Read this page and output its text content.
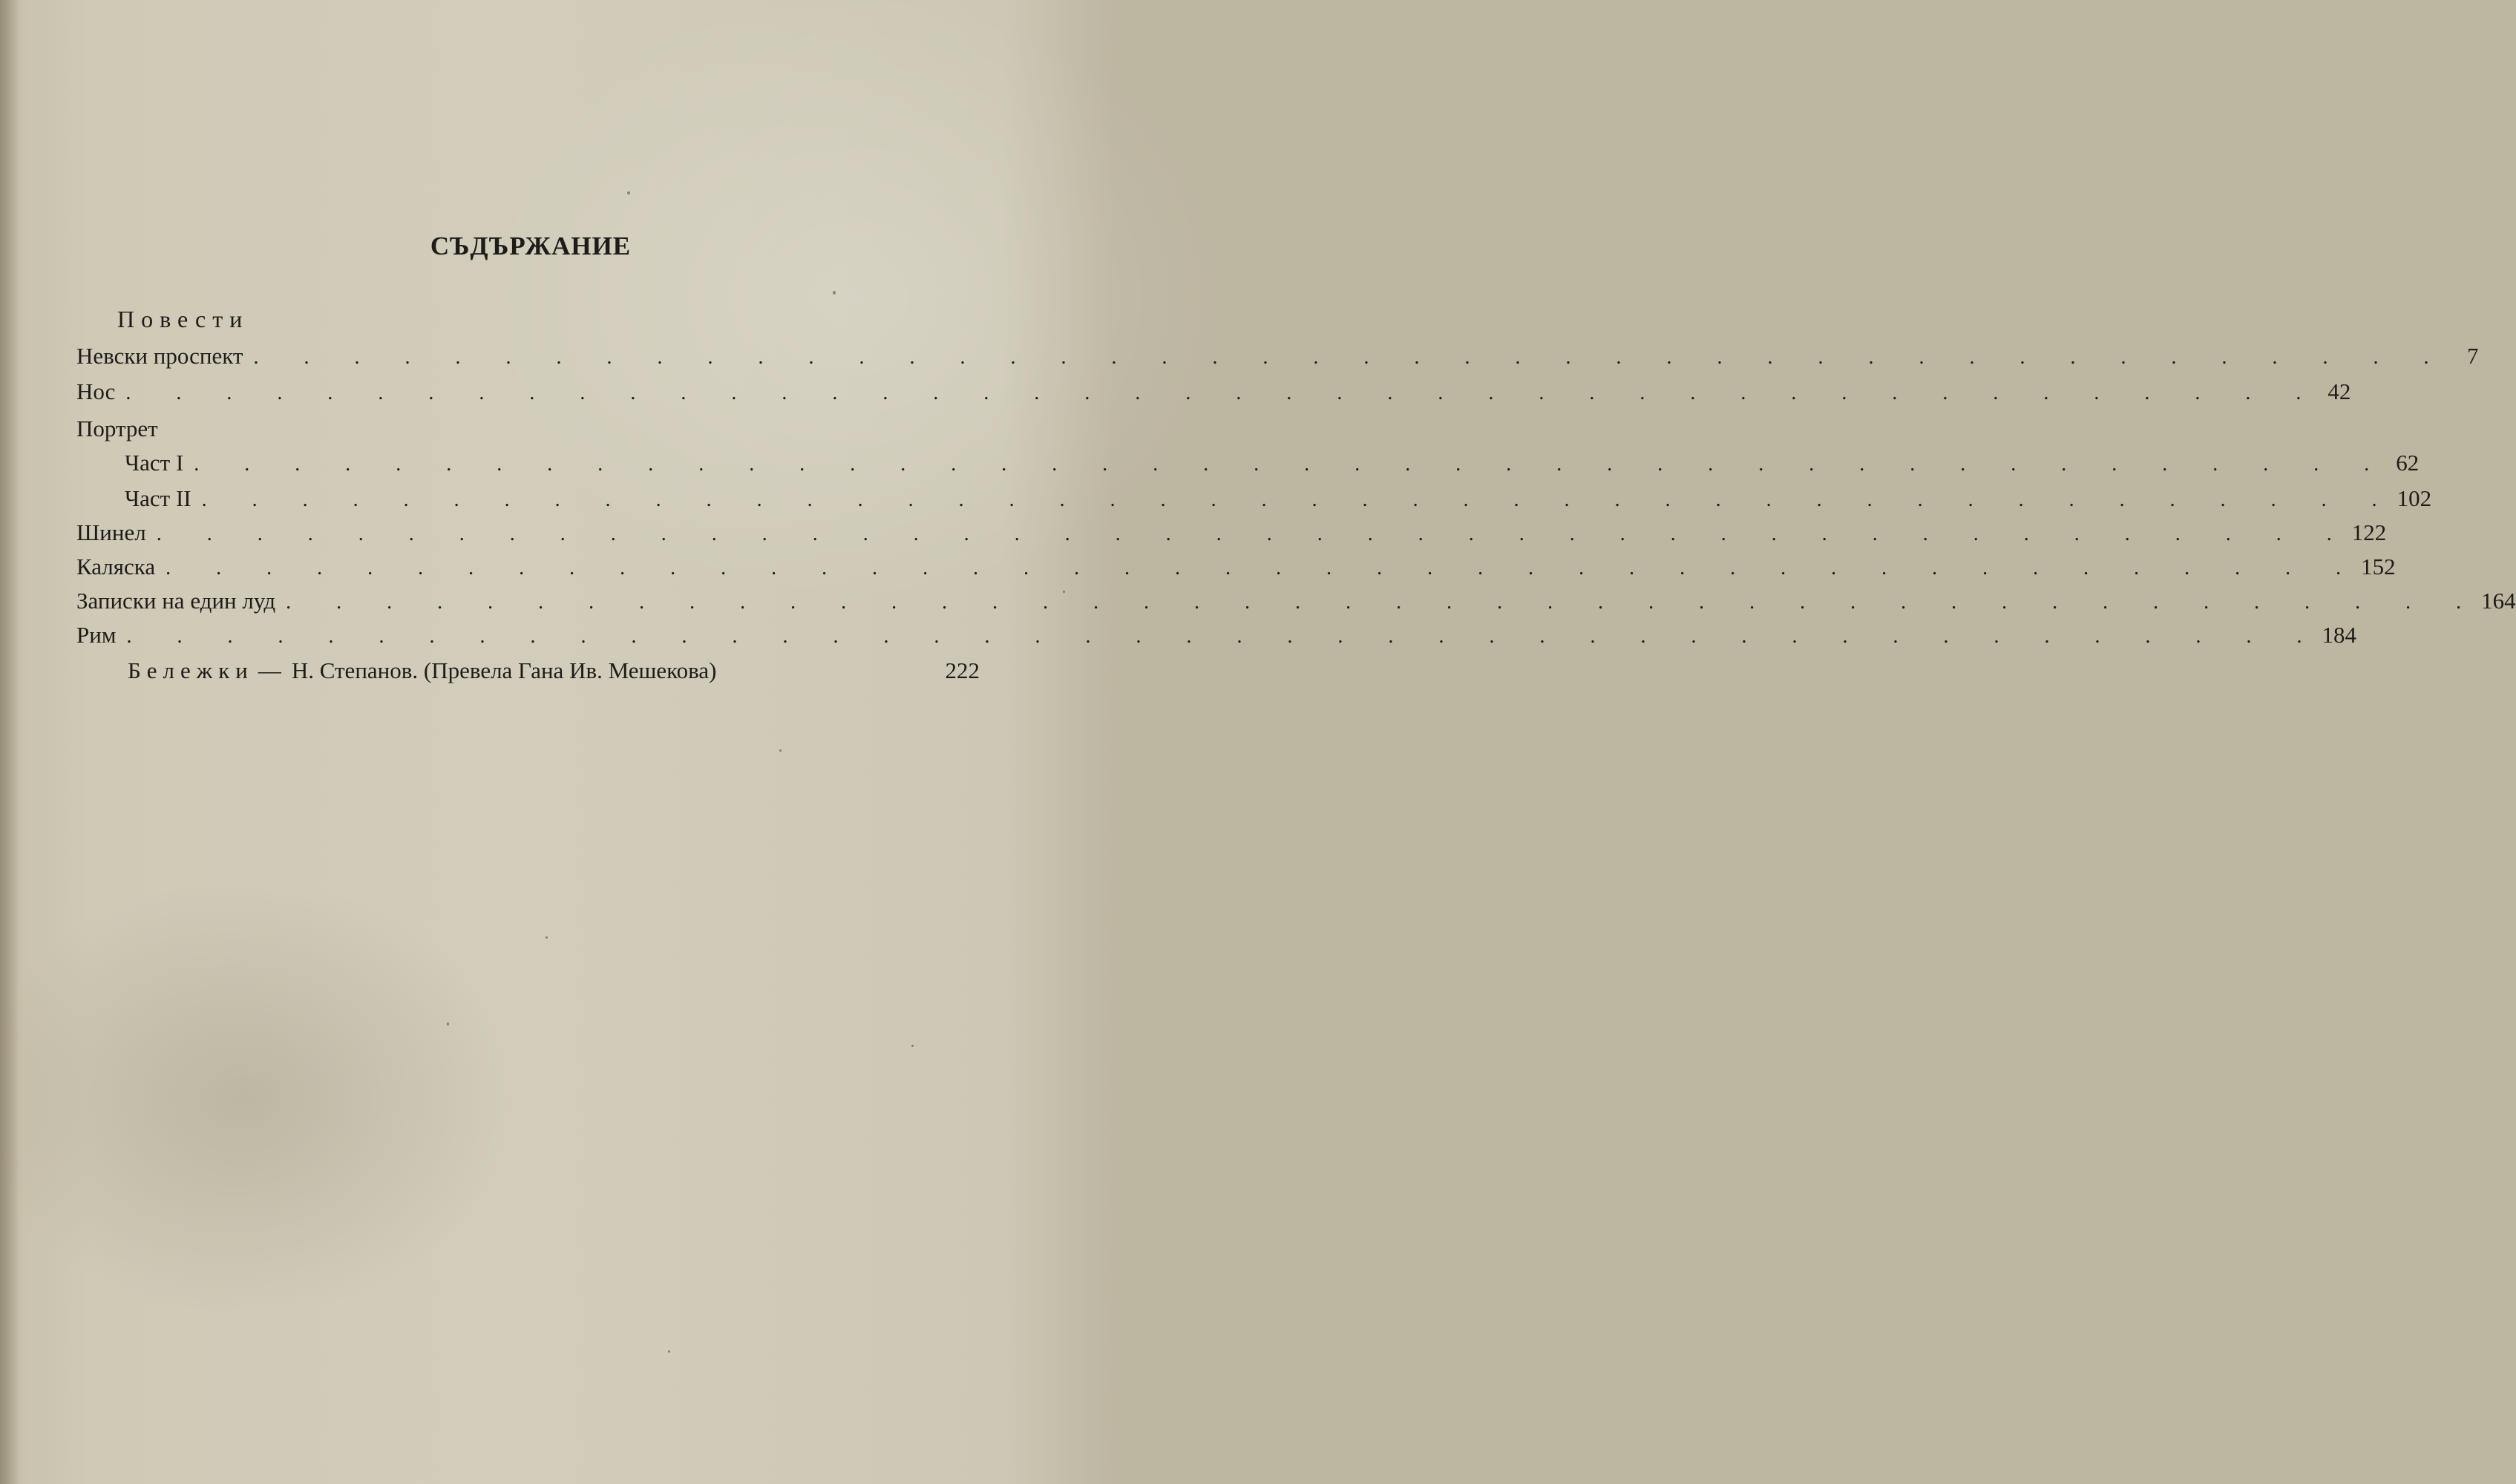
СЪДЪРЖАНИЕ
Повести
Невски проспект . . . . . . . . . . . . . . . . . . . . . . . . . . . . . . . . . . . . . . . . . . . . 7
Нос . . . . . . . . . . . . . . . . . . . . . . . . . . . . . . . . . . . . . . . . . . . . 42
Портрет
Част I . . . . . . . . . . . . . . . . . . . . . . . . . . . . . . . . . . . . . . . . . . . . 62
Част II . . . . . . . . . . . . . . . . . . . . . . . . . . . . . . . . . . . . . . . . . . . . 102
Шинел . . . . . . . . . . . . . . . . . . . . . . . . . . . . . . . . . . . . . . . . . . . . 122
Каляска . . . . . . . . . . . . . . . . . . . . . . . . . . . . . . . . . . . . . . . . . . . . 152
Записки на един луд . . . . . . . . . . . . . . . . . . . . . . . . . . . . . . . . . . . . . . . . . . . . 164
Рим . . . . . . . . . . . . . . . . . . . . . . . . . . . . . . . . . . . . . . . . . . . . 184
Бележки — Н. Степанов. (Превела Гана Ив. Мешекова)	222
